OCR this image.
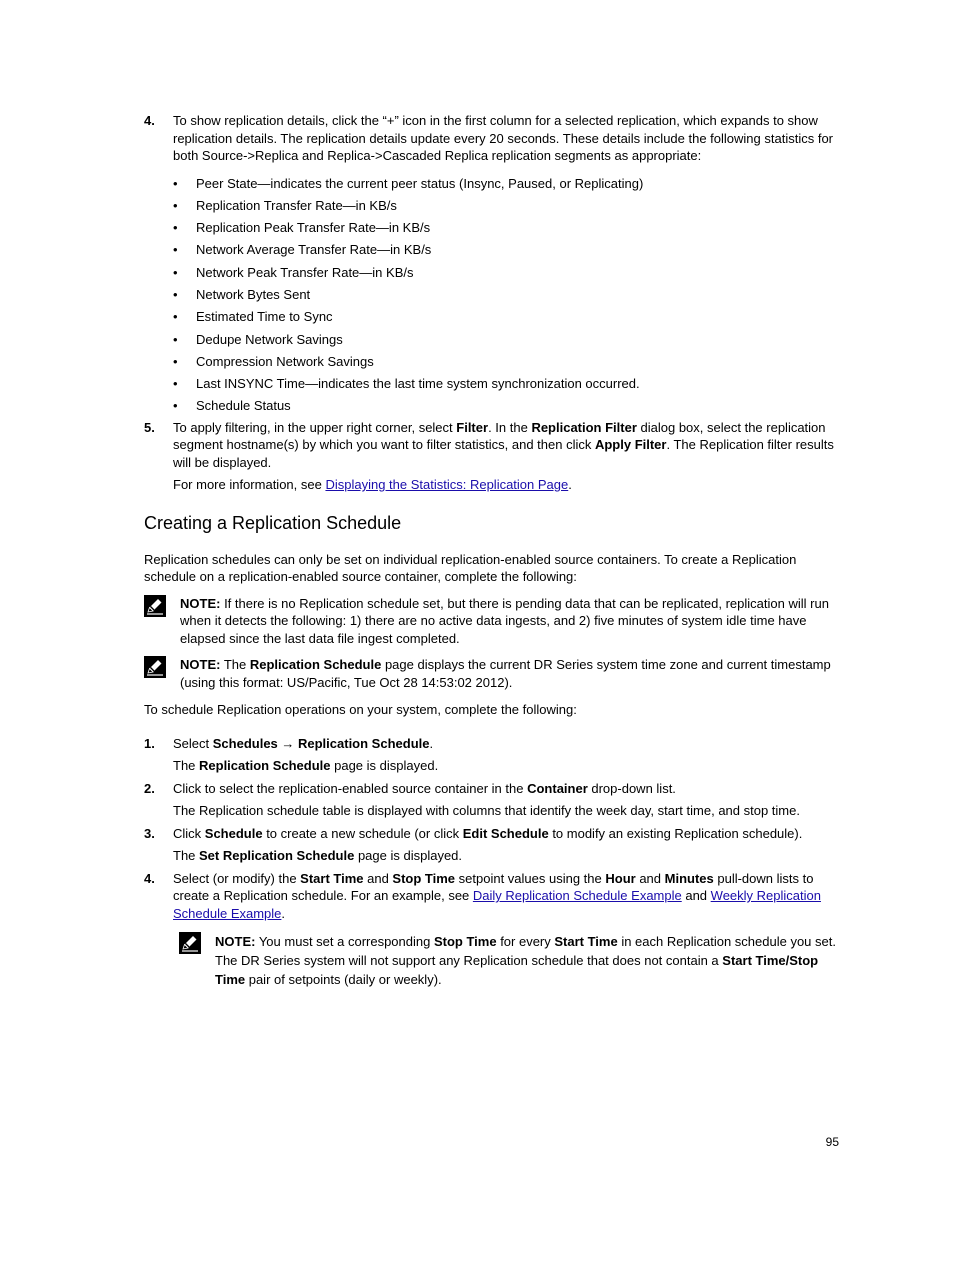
4. To show replication details, click the “+” icon in the first column for a selected replication, which expands to show replication details. The replication details update every 20 seconds. These details include the following statistics for both Source->Replica and Replica->Cascaded Replica replication segments as appropriate:
• Peer State—indicates the current peer status (Insync, Paused, or Replicating)
• Replication Transfer Rate—in KB/s
• Replication Peak Transfer Rate—in KB/s
• Network Average Transfer Rate—in KB/s
• Network Peak Transfer Rate—in KB/s
• Network Bytes Sent
• Estimated Time to Sync
• Dedupe Network Savings
• Compression Network Savings
• Last INSYNC Time—indicates the last time system synchronization occurred.
• Schedule Status
5. To apply filtering, in the upper right corner, select Filter. In the Replication Filter dialog box, select the replication segment hostname(s) by which you want to filter statistics, and then click Apply Filter. The Replication filter results will be displayed.
For more information, see Displaying the Statistics: Replication Page.
Creating a Replication Schedule
Replication schedules can only be set on individual replication-enabled source containers. To create a Replication schedule on a replication-enabled source container, complete the following:
NOTE: If there is no Replication schedule set, but there is pending data that can be replicated, replication will run when it detects the following: 1) there are no active data ingests, and 2) five minutes of system idle time have elapsed since the last data file ingest completed.
NOTE: The Replication Schedule page displays the current DR Series system time zone and current timestamp (using this format: US/Pacific, Tue Oct 28 14:53:02 2012).
To schedule Replication operations on your system, complete the following:
1. Select Schedules → Replication Schedule.
The Replication Schedule page is displayed.
2. Click to select the replication-enabled source container in the Container drop-down list.
The Replication schedule table is displayed with columns that identify the week day, start time, and stop time.
3. Click Schedule to create a new schedule (or click Edit Schedule to modify an existing Replication schedule).
The Set Replication Schedule page is displayed.
4. Select (or modify) the Start Time and Stop Time setpoint values using the Hour and Minutes pull-down lists to create a Replication schedule. For an example, see Daily Replication Schedule Example and Weekly Replication Schedule Example.
NOTE: You must set a corresponding Stop Time for every Start Time in each Replication schedule you set. The DR Series system will not support any Replication schedule that does not contain a Start Time/Stop Time pair of setpoints (daily or weekly).
95
